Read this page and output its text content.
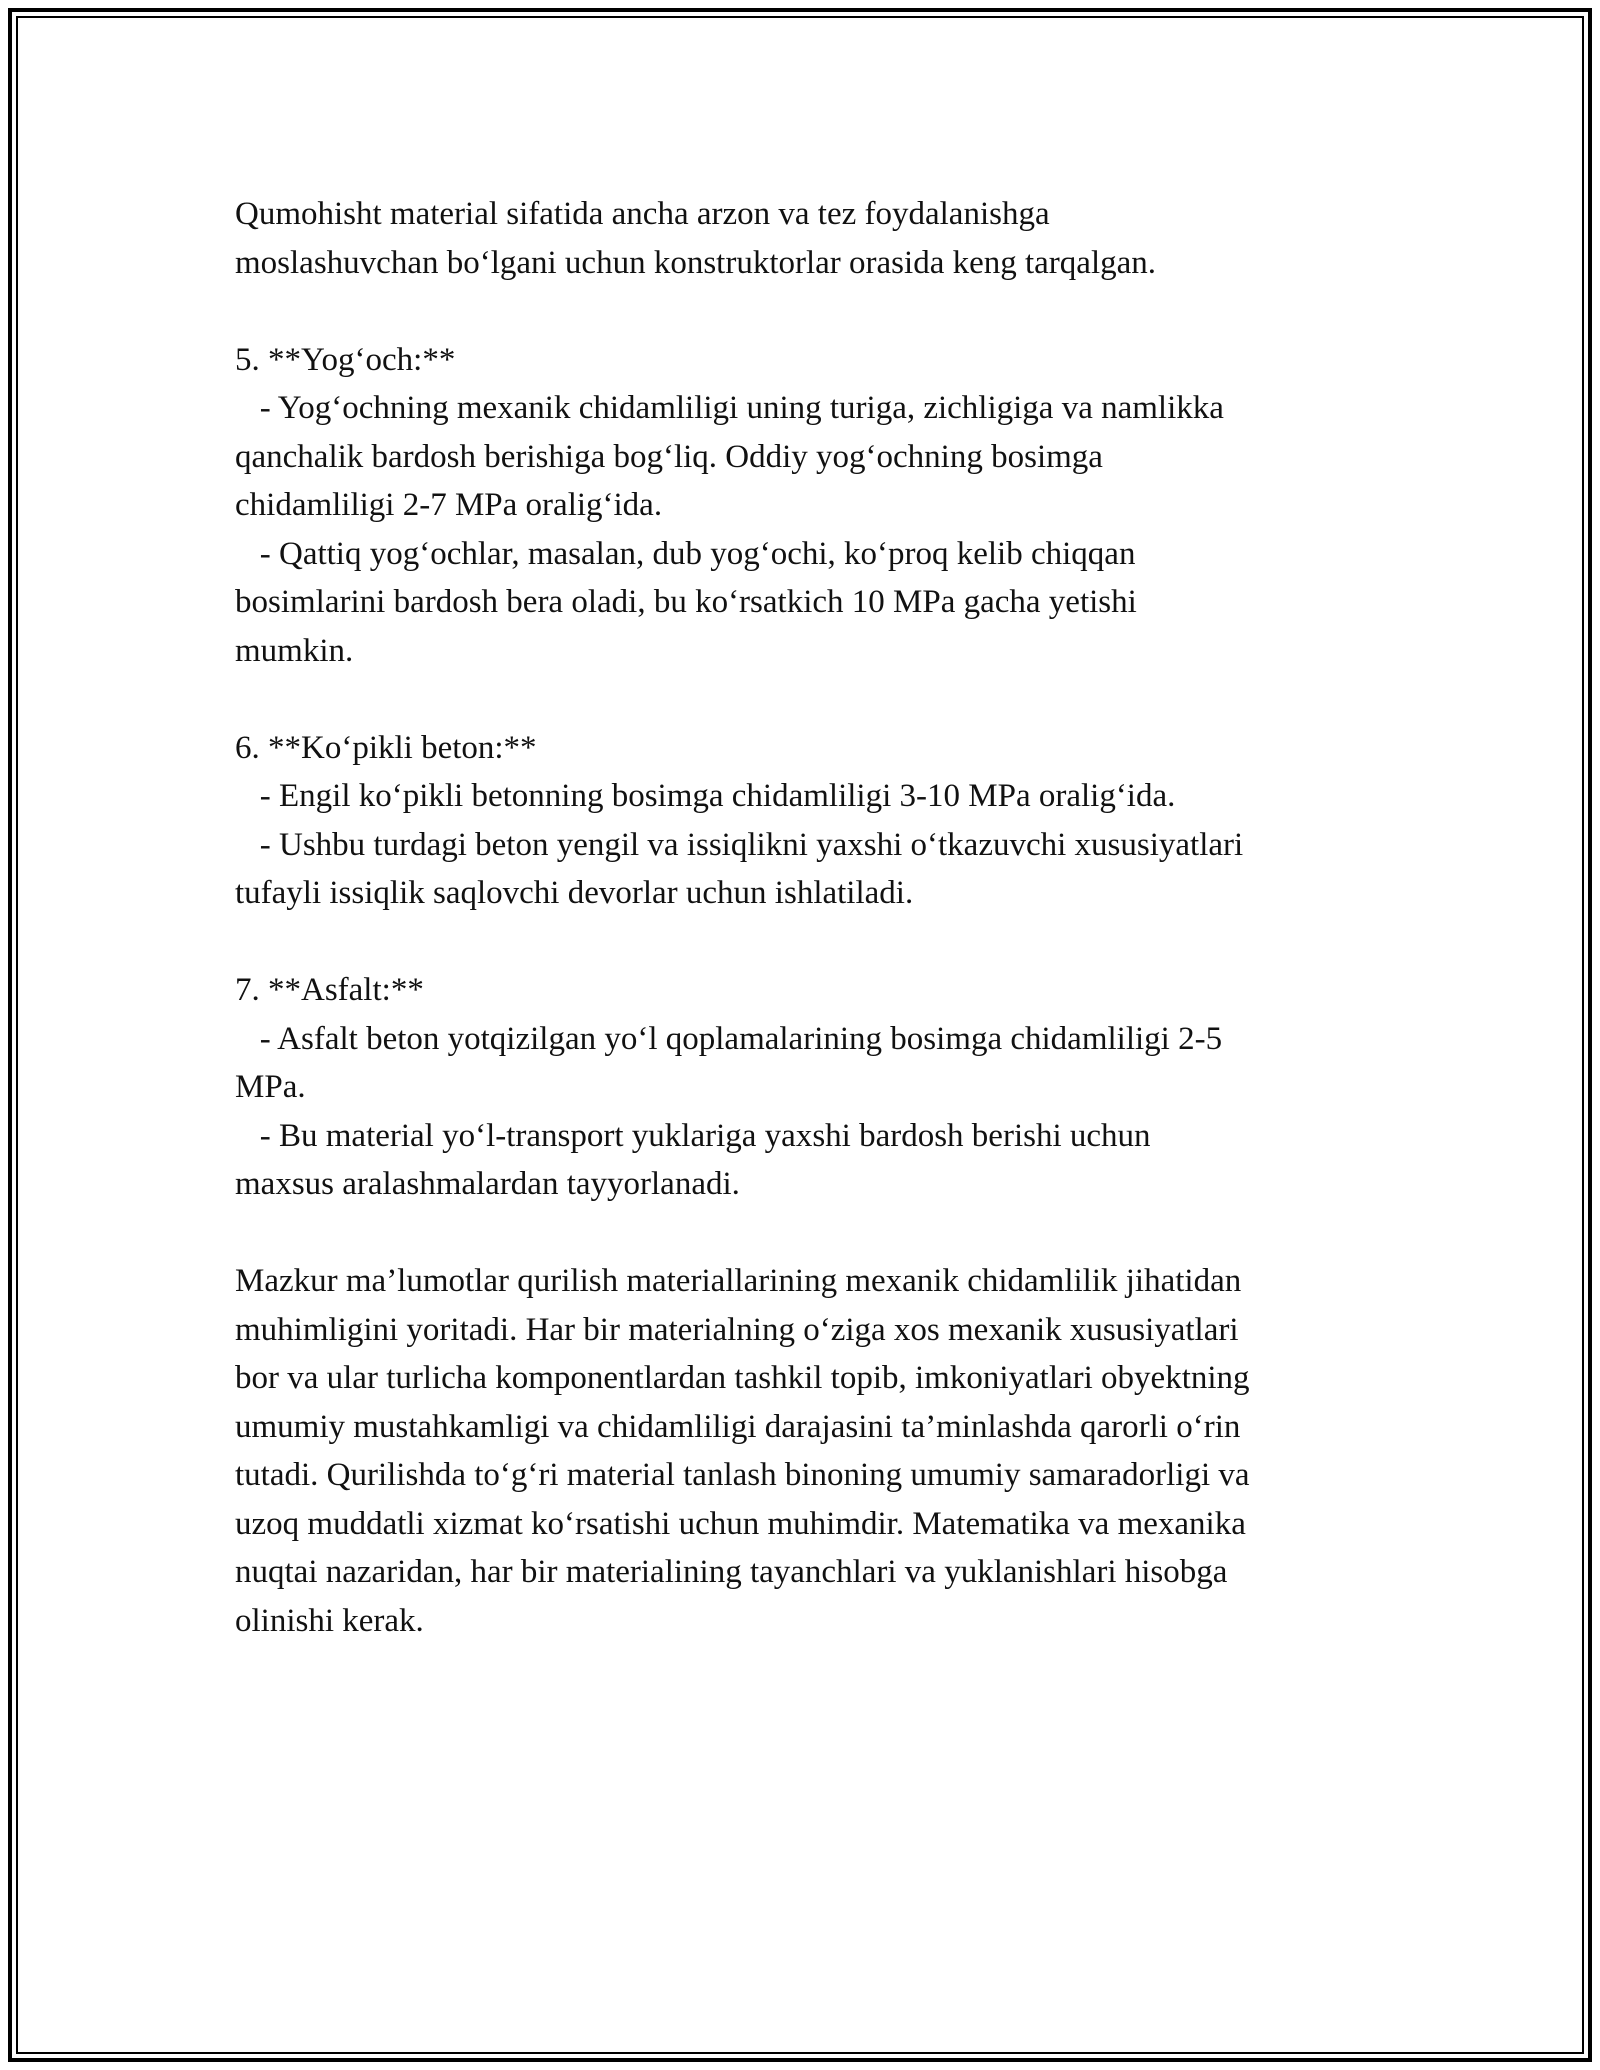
Qumohisht material sifatida ancha arzon va tez foydalanishga
moslashuvchan bo‘lgani uchun konstruktorlar orasida keng tarqalgan.
5. **Yog‘och:**
- Yog‘ochning mexanik chidamliligi uning turiga, zichligiga va namlikka
qanchalik bardosh berishiga bog‘liq. Oddiy yog‘ochning bosimga
chidamliligi 2-7 MPa oralig‘ida.
- Qattiq yog‘ochlar, masalan, dub yog‘ochi, ko‘proq kelib chiqqan
bosimlarini bardosh bera oladi, bu ko‘rsatkich 10 MPa gacha yetishi
mumkin.
6. **Ko‘pikli beton:**
- Engil ko‘pikli betonning bosimga chidamliligi 3-10 MPa oralig‘ida.
- Ushbu turdagi beton yengil va issiqlikni yaxshi o‘tkazuvchi xususiyatlari
tufayli issiqlik saqlovchi devorlar uchun ishlatiladi.
7. **Asfalt:**
- Asfalt beton yotqizilgan yo‘l qoplamalarining bosimga chidamliligi 2-5
MPa.
- Bu material yo‘l-transport yuklariga yaxshi bardosh berishi uchun
maxsus aralashmalardan tayyorlanadi.
Mazkur ma’lumotlar qurilish materiallarining mexanik chidamlilik jihatidan
muhimligini yoritadi. Har bir materialning o‘ziga xos mexanik xususiyatlari
bor va ular turlicha komponentlardan tashkil topib, imkoniyatlari obyektning
umumiy mustahkamligi va chidamliligi darajasini ta’minlashda qarorli o‘rin
tutadi. Qurilishda to‘g‘ri material tanlash binoning umumiy samaradorligi va
uzoq muddatli xizmat ko‘rsatishi uchun muhimdir. Matematika va mexanika
nuqtai nazaridan, har bir materialining tayanchlari va yuklanishlari hisobga
olinishi kerak.
